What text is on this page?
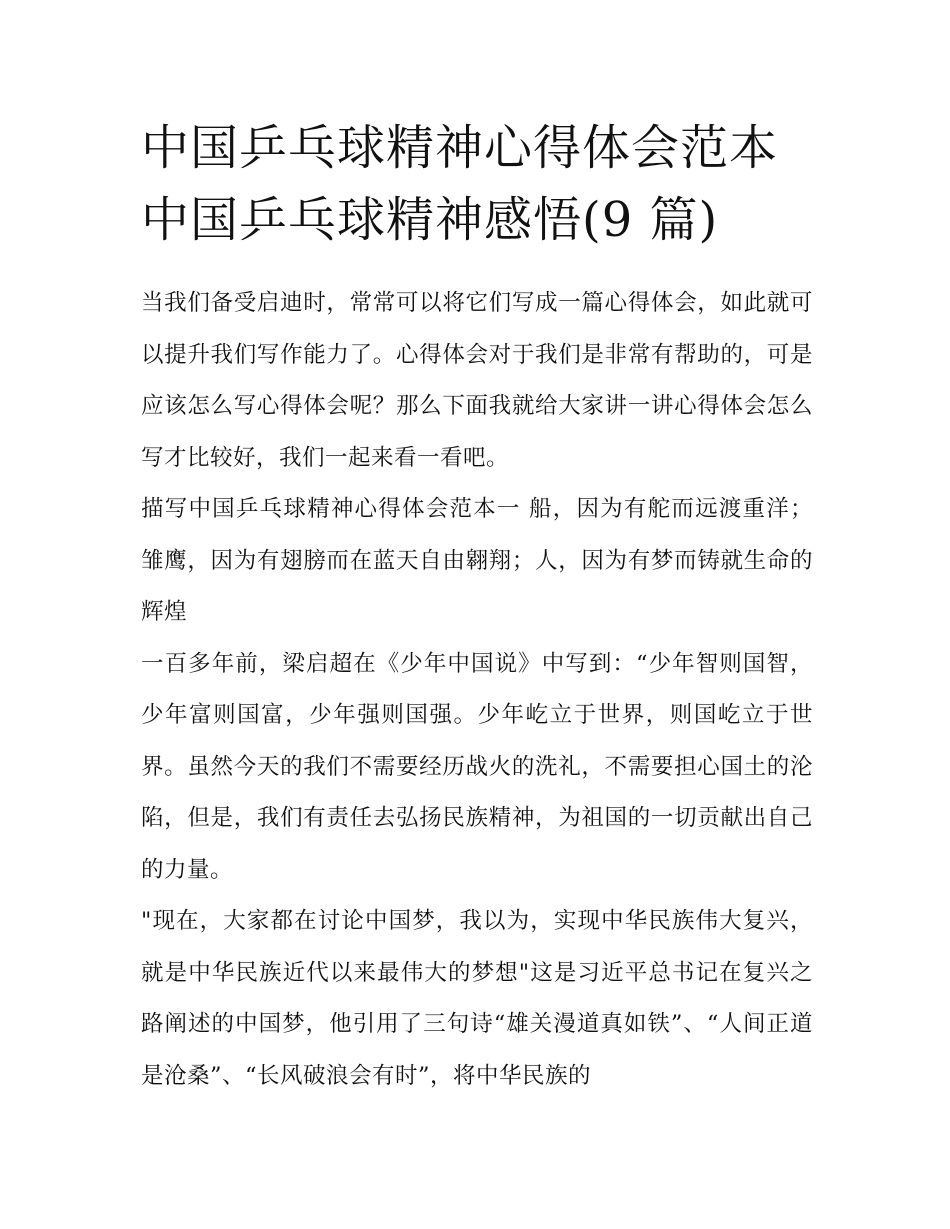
中国乒乓球精神心得体会范本
中国乒乓球精神感悟(9 篇)

当我们备受启迪时，常常可以将它们写成一篇心得体会，如此就可以提升我们写作能力了。心得体会对于我们是非常有帮助的，可是应该怎么写心得体会呢？那么下面我就给大家讲一讲心得体会怎么写才比较好，我们一起来看一看吧。

描写中国乒乓球精神心得体会范本一 船，因为有舵而远渡重洋；雏鹰，因为有翅膀而在蓝天自由翱翔；人，因为有梦而铸就生命的辉煌

一百多年前，梁启超在《少年中国说》中写到：“少年智则国智，少年富则国富，少年强则国强。少年屹立于世界，则国屹立于世界。虽然今天的我们不需要经历战火的洗礼，不需要担心国土的沦陷，但是，我们有责任去弘扬民族精神，为祖国的一切贡献出自己的力量。

"现在，大家都在讨论中国梦，我以为，实现中华民族伟大复兴，就是中华民族近代以来最伟大的梦想"这是习近平总书记在复兴之路阐述的中国梦，他引用了三句诗“雄关漫道真如铁”、“人间正道是沧桑”、“长风破浪会有时”，将中华民族的
